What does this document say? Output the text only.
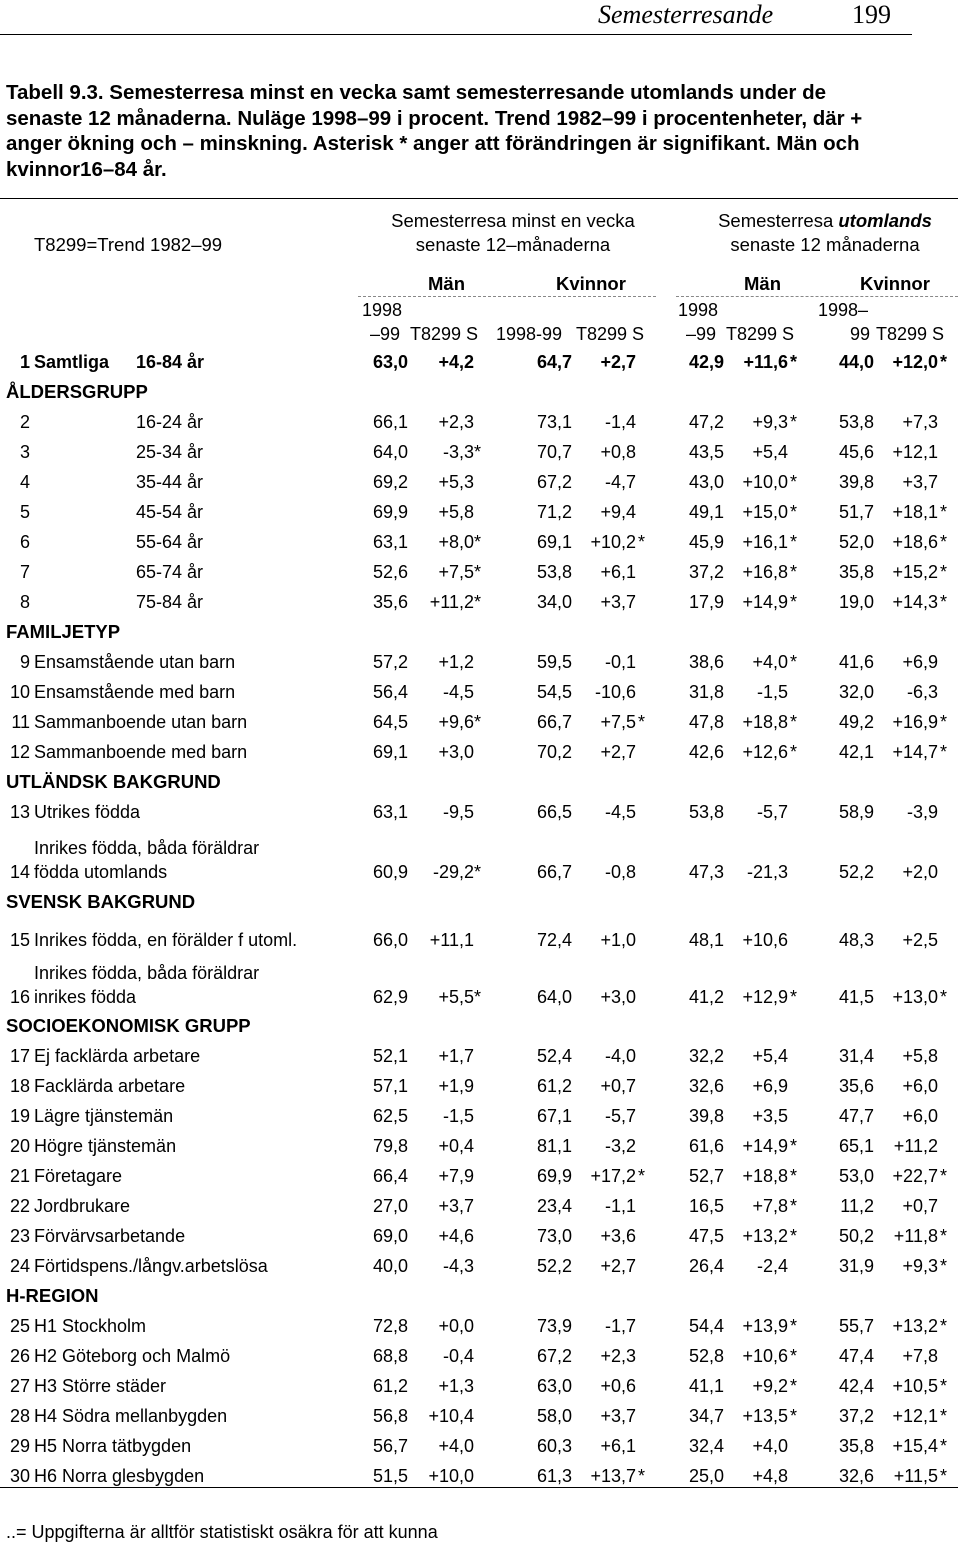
Semesterresande	199
Tabell 9.3. Semesterresa minst en vecka samt semesterresande utomlands under de senaste 12 månaderna. Nuläge 1998–99 i procent. Trend 1982–99 i procentenheter, där + anger ökning och – minskning. Asterisk * anger att förändringen är signifikant. Män och kvinnor16–84 år.
T8299=Trend 1982–99
Semesterresa minst en vecka
senaste 12–månaderna
Semesterresa utomlands
senaste 12 månaderna
Män	Kvinnor	Män	Kvinnor
1998
–99 T8299 S 1998-99 T8299 S
1998
–99 T8299 S
1998–
99 T8299 S
ÅLDERSGRUPP
FAMILJETYP
UTLÄNDSK BAKGRUND
SVENSK BAKGRUND
SOCIOEKONOMISK GRUPP
H-REGION
1 Samtliga 16-84 år	63,0	+4,2	64,7	+2,7	42,9	+11,6 *	44,0	+12,0 *
2	16-24 år	66,1	+2,3	73,1	-1,4	47,2	+9,3 *	53,8	+7,3
3	25-34 år	64,0	-3,3 *	70,7	+0,8	43,5	+5,4	45,6	+12,1
4	35-44 år	69,2	+5,3	67,2	-4,7	43,0	+10,0 *	39,8	+3,7
5	45-54 år	69,9	+5,8	71,2	+9,4	49,1	+15,0 *	51,7	+18,1 *
6	55-64 år	63,1	+8,0 *	69,1	+10,2 *	45,9	+16,1 *	52,0	+18,6 *
7	65-74 år	52,6	+7,5 *	53,8	+6,1	37,2	+16,8 *	35,8	+15,2 *
8	75-84 år	35,6	+11,2 *	34,0	+3,7	17,9	+14,9 *	19,0	+14,3 *
9 Ensamstående utan barn	57,2	+1,2	59,5	-0,1	38,6	+4,0 *	41,6	+6,9
10 Ensamstående med barn	56,4	-4,5	54,5	-10,6	31,8	-1,5	32,0	-6,3
11 Sammanboende utan barn	64,5	+9,6 *	66,7	+7,5 *	47,8	+18,8 *	49,2	+16,9 *
12 Sammanboende med barn	69,1	+3,0	70,2	+2,7	42,6	+12,6 *	42,1	+14,7 *
13 Utrikes födda	63,1	-9,5	66,5	-4,5	53,8	-5,7	58,9	-3,9
Inrikes födda, båda föräldrar
14 födda utomlands	60,9	-29,2 *	66,7	-0,8	47,3	-21,3	52,2	+2,0
15 Inrikes födda, en förälder f utoml.	66,0	+11,1	72,4	+1,0	48,1	+10,6	48,3	+2,5
Inrikes födda, båda föräldrar
16 inrikes födda	62,9	+5,5 *	64,0	+3,0	41,2	+12,9 *	41,5	+13,0 *
17 Ej facklärda arbetare	52,1	+1,7	52,4	-4,0	32,2	+5,4	31,4	+5,8
18 Facklärda arbetare	57,1	+1,9	61,2	+0,7	32,6	+6,9	35,6	+6,0
19 Lägre tjänstemän	62,5	-1,5	67,1	-5,7	39,8	+3,5	47,7	+6,0
20 Högre tjänstemän	79,8	+0,4	81,1	-3,2	61,6	+14,9 *	65,1	+11,2
21 Företagare	66,4	+7,9	69,9	+17,2 *	52,7	+18,8 *	53,0	+22,7 *
22 Jordbrukare	27,0	+3,7	23,4	-1,1	16,5	+7,8 *	11,2	+0,7
23 Förvärvsarbetande	69,0	+4,6	73,0	+3,6	47,5	+13,2 *	50,2	+11,8 *
24 Förtidspens./långv.arbetslösa	40,0	-4,3	52,2	+2,7	26,4	-2,4	31,9	+9,3 *
25 H1 Stockholm	72,8	+0,0	73,9	-1,7	54,4	+13,9 *	55,7	+13,2 *
26 H2 Göteborg och Malmö	68,8	-0,4	67,2	+2,3	52,8	+10,6 *	47,4	+7,8
27 H3 Större städer	61,2	+1,3	63,0	+0,6	41,1	+9,2 *	42,4	+10,5 *
28 H4 Södra mellanbygden	56,8	+10,4	58,0	+3,7	34,7	+13,5 *	37,2	+12,1 *
29 H5 Norra tätbygden	56,7	+4,0	60,3	+6,1	32,4	+4,0	35,8	+15,4 *
30 H6 Norra glesbygden	51,5	+10,0	61,3	+13,7 *	25,0	+4,8	32,6	+11,5 *
..= Uppgifterna är alltför statistiskt osäkra för att kunna
